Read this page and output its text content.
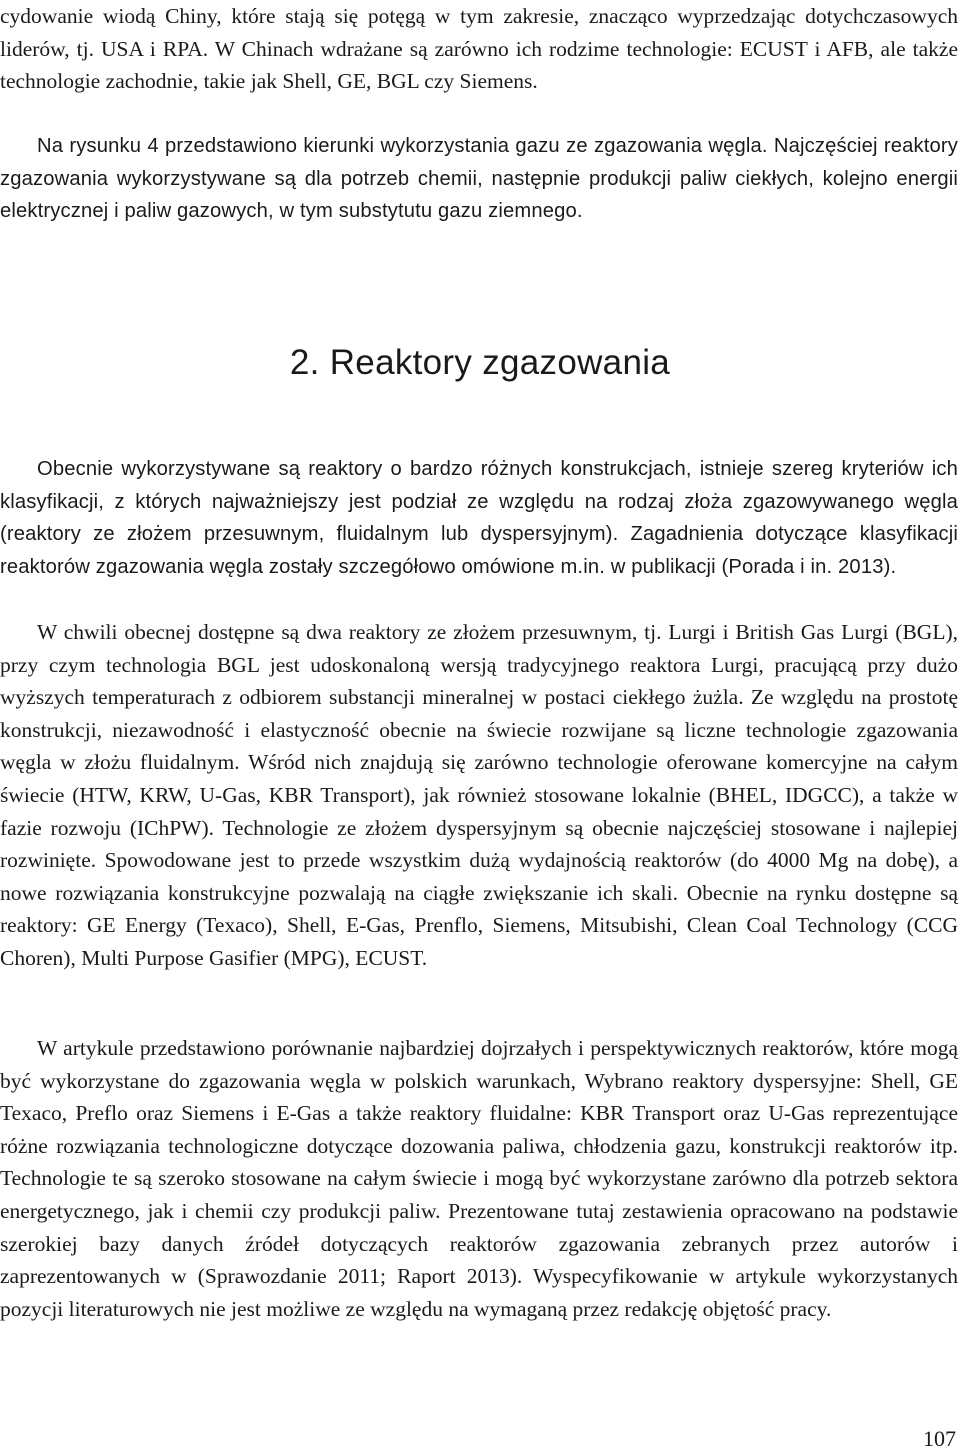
cydowanie wiodą Chiny, które stają się potęgą w tym zakresie, znacząco wyprzedzając dotychczasowych liderów, tj. USA i RPA. W Chinach wdrażane są zarówno ich rodzime technologie: ECUST i AFB, ale także technologie zachodnie, takie jak Shell, GE, BGL czy Siemens.

Na rysunku 4 przedstawiono kierunki wykorzystania gazu ze zgazowania węgla. Najczęściej reaktory zgazowania wykorzystywane są dla potrzeb chemii, następnie produkcji paliw ciekłych, kolejno energii elektrycznej i paliw gazowych, w tym substytutu gazu ziemnego.

2. Reaktory zgazowania

Obecnie wykorzystywane są reaktory o bardzo różnych konstrukcjach, istnieje szereg kryteriów ich klasyfikacji, z których najważniejszy jest podział ze względu na rodzaj złoża zgazowywanego węgla (reaktory ze złożem przesuwnym, fluidalnym lub dyspersyjnym). Zagadnienia dotyczące klasyfikacji reaktorów zgazowania węgla zostały szczegółowo omówione m.in. w publikacji (Porada i in. 2013).

W chwili obecnej dostępne są dwa reaktory ze złożem przesuwnym, tj. Lurgi i British Gas Lurgi (BGL), przy czym technologia BGL jest udoskonaloną wersją tradycyjnego reaktora Lurgi, pracującą przy dużo wyższych temperaturach z odbiorem substancji mineralnej w postaci ciekłego żużla. Ze względu na prostotę konstrukcji, niezawodność i elastyczność obecnie na świecie rozwijane są liczne technologie zgazowania węgla w złożu fluidalnym. Wśród nich znajdują się zarówno technologie oferowane komercyjne na całym świecie (HTW, KRW, U-Gas, KBR Transport), jak również stosowane lokalnie (BHEL, IDGCC), a także w fazie rozwoju (IChPW). Technologie ze złożem dyspersyjnym są obecnie najczęściej stosowane i najlepiej rozwinięte. Spowodowane jest to przede wszystkim dużą wydajnością reaktorów (do 4000 Mg na dobę), a nowe rozwiązania konstrukcyjne pozwalają na ciągłe zwiększanie ich skali. Obecnie na rynku dostępne są reaktory: GE Energy (Texaco), Shell, E-Gas, Prenflo, Siemens, Mitsubishi, Clean Coal Technology (CCG Choren), Multi Purpose Gasifier (MPG), ECUST.

W artykule przedstawiono porównanie najbardziej dojrzałych i perspektywicznych reaktorów, które mogą być wykorzystane do zgazowania węgla w polskich warunkach, Wybrano reaktory dyspersyjne: Shell, GE Texaco, Preflo oraz Siemens i E-Gas a także reaktory fluidalne: KBR Transport oraz U-Gas reprezentujące różne rozwiązania technologiczne dotyczące dozowania paliwa, chłodzenia gazu, konstrukcji reaktorów itp. Technologie te są szeroko stosowane na całym świecie i mogą być wykorzystane zarówno dla potrzeb sektora energetycznego, jak i chemii czy produkcji paliw. Prezentowane tutaj zestawienia opracowano na podstawie szerokiej bazy danych źródeł dotyczących reaktorów zgazowania zebranych przez autorów i zaprezentowanych w (Sprawozdanie 2011; Raport 2013). Wyspecyfikowanie w artykule wykorzystanych pozycji literaturowych nie jest możliwe ze względu na wymaganą przez redakcję objętość pracy.

107
